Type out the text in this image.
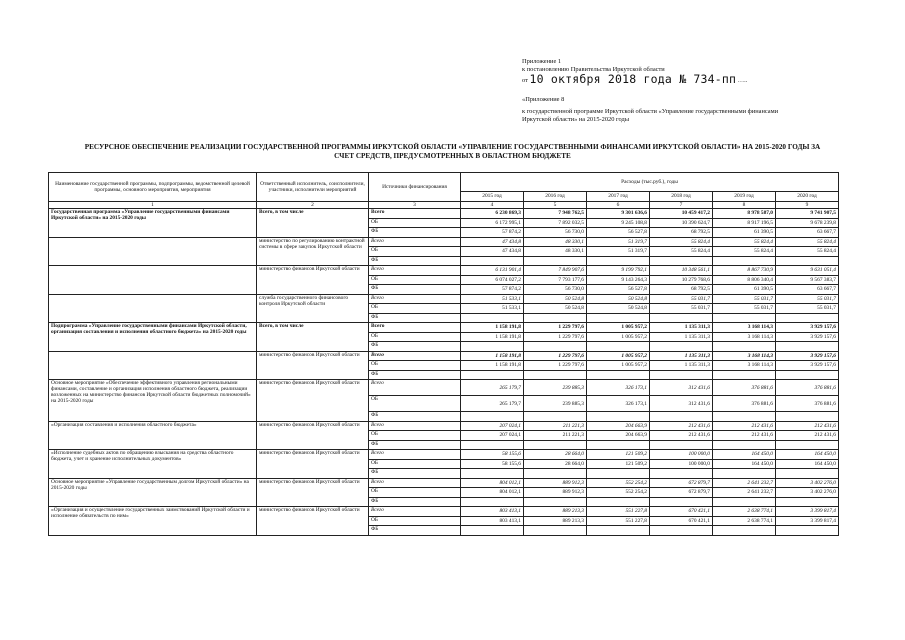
Приложение 1
к постановлению Правительства Иркутской области
от 10 октября 2018 года № 734-пп …..
«Приложение 8
к государственной программе Иркутской области «Управление государственными финансами
Иркутской области» на 2015-2020 годы
РЕСУРСНОЕ ОБЕСПЕЧЕНИЕ РЕАЛИЗАЦИИ ГОСУДАРСТВЕННОЙ ПРОГРАММЫ ИРКУТСКОЙ ОБЛАСТИ «УПРАВЛЕНИЕ ГОСУДАРСТВЕННЫМИ ФИНАНСАМИ ИРКУТСКОЙ ОБЛАСТИ» НА 2015-2020 ГОДЫ ЗА
СЧЕТ СРЕДСТВ, ПРЕДУСМОТРЕННЫХ В ОБЛАСТНОМ БЮДЖЕТЕ
Наименование государственной программы, подпрограммы, ведомственной целевой программы, основного мероприятия, мероприятия	Ответственный исполнитель, соисполнители, участники, исполнители мероприятий	Источники финансирования	Расходы (тыс.руб.), годы					
			2015 год	2016 год	2017 год	2018 год	2019 год	2020 год
1	2	3	4	5	6	7	8	9
Государственная программа «Управление государственными финансами Иркутской области» на 2015-2020 годы	Всего, в том числе	Всего	6 230 869,3	7 948 762,5	9 301 636,6	10 459 417,2	8 978 587,0	9 741 907,5
		ОБ	6 172 995,1	7 892 032,5	9 245 108,8	10 390 624,7	8 917 196,5	9 678 239,8
		ФБ	57 874,2	56 730,0	56 527,8	68 792,5	61 390,5	63 667,7
	министерство по регулированию контрактной системы в сфере закупок Иркутской области	Всего	47 434,8	48 330,1	51 319,7	55 824,4	55 824,4	55 824,4
		ОБ	47 434,8	48 330,1	51 319,7	55 824,4	55 824,4	55 824,4
		ФБ						
	министерство финансов Иркутской области	Всего	6 131 901,4	7 849 907,6	9 199 792,1	10 348 561,1	8 867 730,9	9 631 051,4
		ОБ	6 074 027,2	7 793 177,6	9 143 264,3	10 279 768,6	8 806 340,4	9 567 383,7
		ФБ	57 874,2	56 730,0	56 527,8	68 792,5	61 390,5	63 667,7
	служба государственного финансового контроля Иркутской области	Всего	51 533,1	50 524,8	50 524,8	55 031,7	55 031,7	55 031,7
		ОБ	51 533,1	50 524,8	50 524,8	55 031,7	55 031,7	55 031,7
		ФБ						
Подпрограмма «Управление государственными финансами Иркутской области, организация составления и исполнения областного бюджета» на 2015-2020 годы	Всего, в том числе	Всего	1 158 191,8	1 229 797,6	1 005 957,2	1 135 311,3	3 168 114,3	3 929 157,6
		ОБ	1 158 191,8	1 229 797,6	1 005 957,2	1 135 311,3	3 168 114,3	3 929 157,6
		ФБ						
	министерство финансов Иркутской области	Всего	1 158 191,8	1 229 797,6	1 005 957,2	1 135 311,3	3 168 114,3	3 929 157,6
		ОБ	1 158 191,8	1 229 797,6	1 005 957,2	1 135 311,3	3 168 114,3	3 929 157,6
		ФБ						
Основное мероприятие «Обеспечение эффективного управления региональными финансами, составление и организация исполнения областного бюджета, реализации возложенных на министерство финансов Иркутской области бюджетных полномочий» на 2015-2020 годы	министерство финансов Иркутской области	Всего	265 179,7	239 885,3	326 173,1	312 431,6	376 881,6	376 881,6
		ОБ	265 179,7	239 885,3	326 173,1	312 431,6	376 881,6	376 881,6
		ФБ						
«Организация составления и исполнения областного бюджета»	министерство финансов Иркутской области	Всего	207 024,1	211 221,3	204 663,9	212 431,6	212 431,6	212 431,6
		ОБ	207 024,1	211 221,3	204 663,9	212 431,6	212 431,6	212 431,6
		ФБ						
«Исполнение судебных актов по обращению взыскания на средства областного бюджета, учет и хранение исполнительных документов»	министерство финансов Иркутской области	Всего	58 155,6	28 664,0	121 509,2	100 000,0	164 450,0	164 450,0
		ОБ	58 155,6	28 664,0	121 509,2	100 000,0	164 450,0	164 450,0
		ФБ						
Основное мероприятие «Управление государственным долгом Иркутской области» на 2015-2020 годы	министерство финансов Иркутской области	Всего	804 012,1	889 912,3	552 254,2	672 879,7	2 641 232,7	3 402 276,0
		ОБ	804 012,1	889 912,3	552 254,2	672 879,7	2 641 232,7	3 402 276,0
		ФБ						
«Организация и осуществление государственных заимствований Иркутской области и исполнение обязательств по ним»	министерство финансов Иркутской области	Всего	803 413,1	889 213,3	551 227,8	670 421,1	2 638 774,1	3 399 817,4
		ОБ	803 413,1	889 213,3	551 227,8	670 421,1	2 638 774,1	3 399 817,4
		ФБ						
